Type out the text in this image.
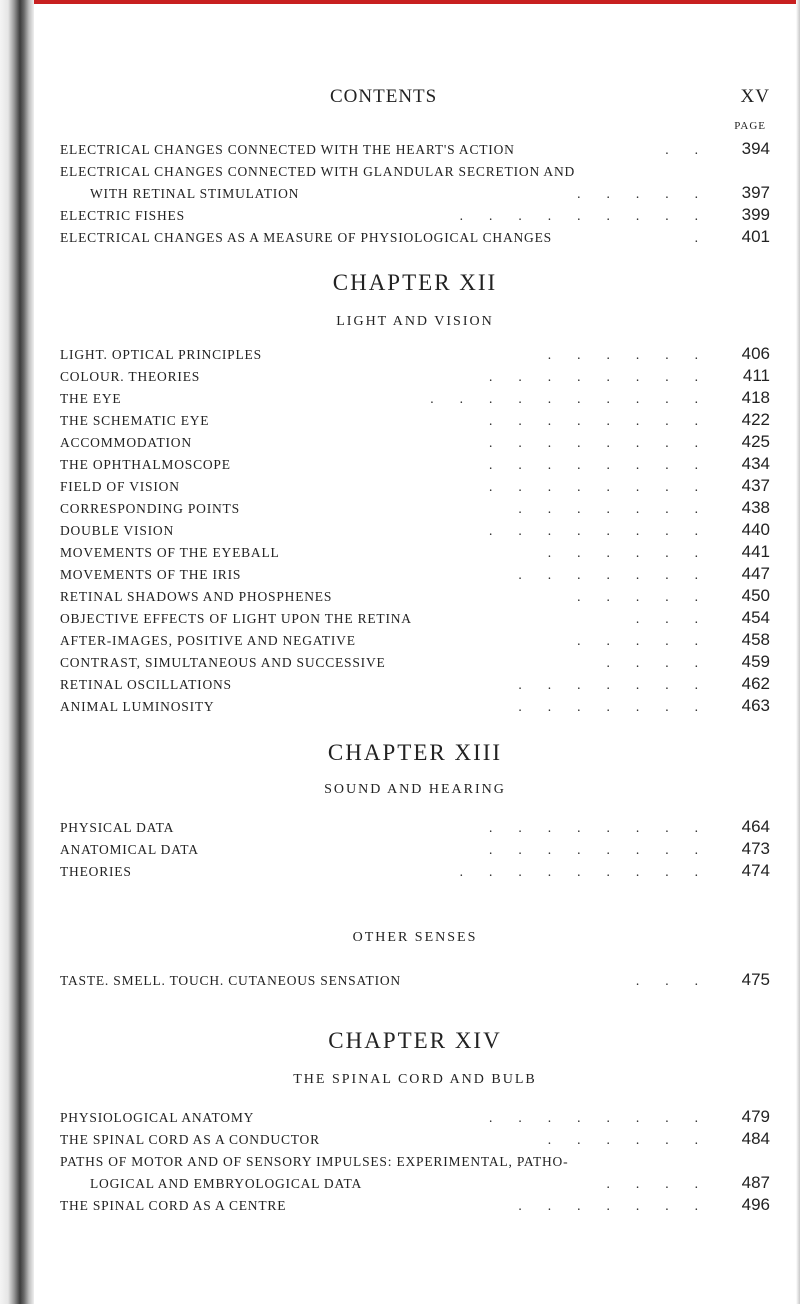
CONTENTS	XV
PAGE
ELECTRICAL CHANGES CONNECTED WITH THE HEART'S ACTION	..	394
ELECTRICAL CHANGES CONNECTED WITH GLANDULAR SECRETION AND
WITH RETINAL STIMULATION	.....	397
ELECTRIC FISHES	.........	399
ELECTRICAL CHANGES AS A MEASURE OF PHYSIOLOGICAL CHANGES	.	401
CHAPTER XII
LIGHT AND VISION
LIGHT. OPTICAL PRINCIPLES	......	406
COLOUR. THEORIES	........	411
THE EYE	..........	418
THE SCHEMATIC EYE	........	422
ACCOMMODATION	........	425
THE OPHTHALMOSCOPE	........	434
FIELD OF VISION	........	437
CORRESPONDING POINTS	.......	438
DOUBLE VISION	........	440
MOVEMENTS OF THE EYEBALL	......	441
MOVEMENTS OF THE IRIS	.......	447
RETINAL SHADOWS AND PHOSPHENES	.....	450
OBJECTIVE EFFECTS OF LIGHT UPON THE RETINA	...	454
AFTER-IMAGES, POSITIVE AND NEGATIVE	.....	458
CONTRAST, SIMULTANEOUS AND SUCCESSIVE	....	459
RETINAL OSCILLATIONS	.......	462
ANIMAL LUMINOSITY	.......	463
CHAPTER XIII
SOUND AND HEARING
PHYSICAL DATA	........	464
ANATOMICAL DATA	........	473
THEORIES	.........	474
OTHER SENSES
TASTE. SMELL. TOUCH. CUTANEOUS SENSATION	...	475
CHAPTER XIV
THE SPINAL CORD AND BULB
PHYSIOLOGICAL ANATOMY	........	479
THE SPINAL CORD AS A CONDUCTOR	......	484
PATHS OF MOTOR AND OF SENSORY IMPULSES: EXPERIMENTAL, PATHO-
LOGICAL AND EMBRYOLOGICAL DATA	....	487
THE SPINAL CORD AS A CENTRE	.......	496
